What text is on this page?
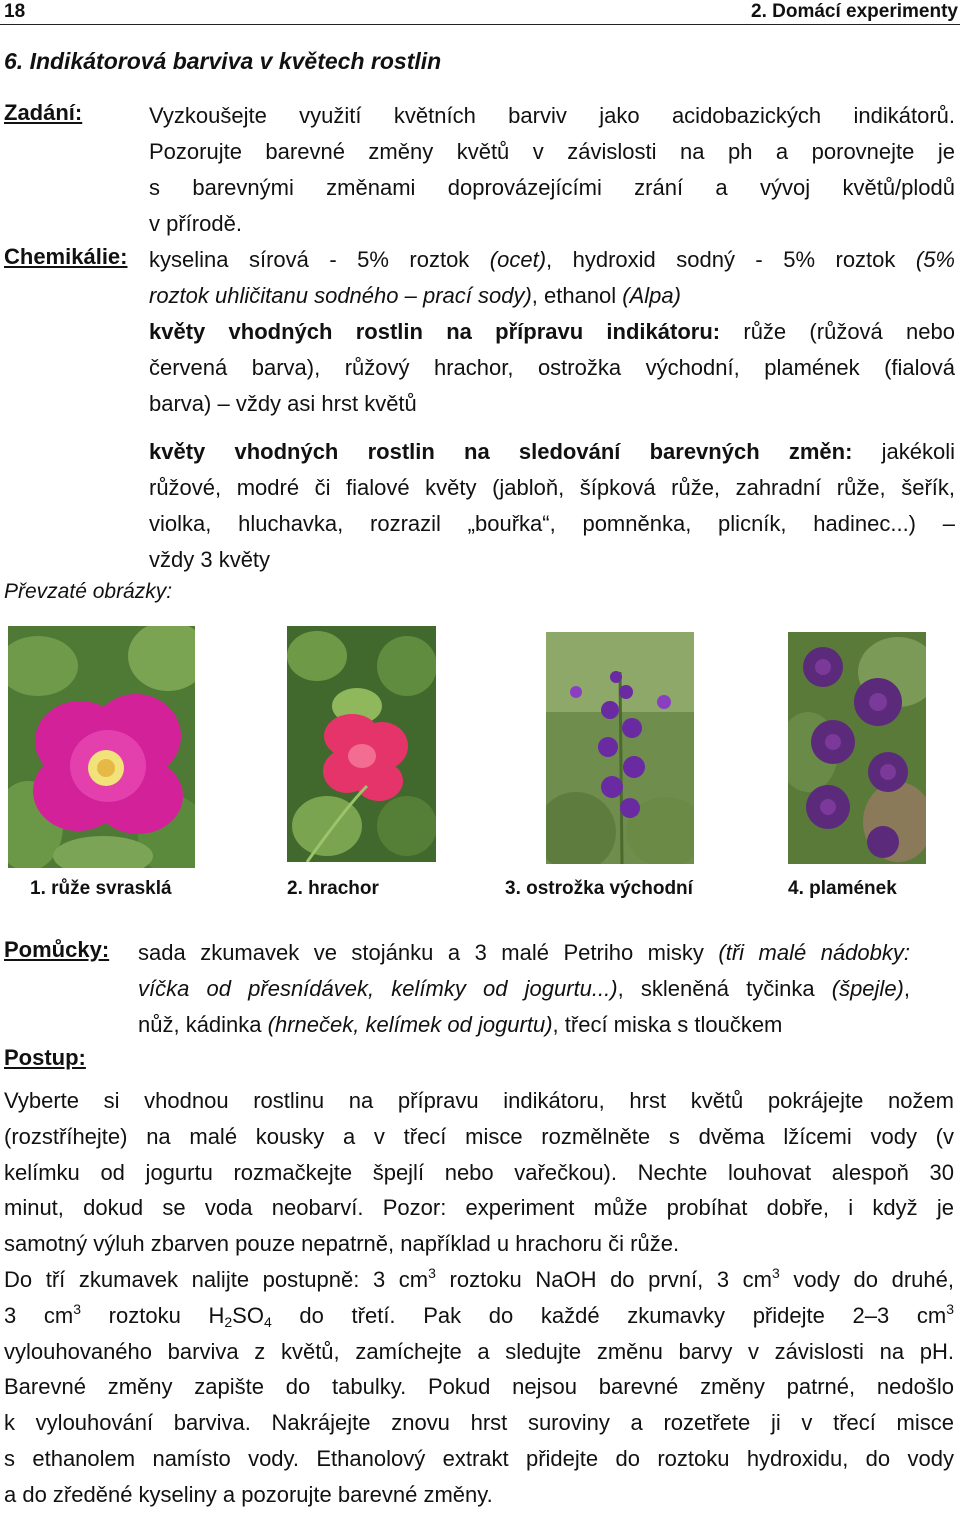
18	2. Domácí experimenty
6. Indikátorová barviva v květech rostlin
Zadání:	Vyzkoušejte využití květních barviv jako acidobazických indikátorů.
Pozorujte barevné změny květů v závislosti na ph a porovnejte je
s barevnými změnami doprovázejícími zrání a vývoj květů/plodů
v přírodě.
Chemikálie: kyselina sírová - 5% roztok (ocet), hydroxid sodný - 5% roztok (5%
roztok uhličitanu sodného – prací sody), ethanol (Alpa)
květy vhodných rostlin na přípravu indikátoru: růže (růžová nebo
červená barva), růžový hrachor, ostrožka východní, plamének (fialová
barva) – vždy asi hrst květů
květy vhodných rostlin na sledování barevných změn: jakékoli
růžové, modré či fialové květy (jabloň, šípková růže, zahradní růže, šeřík,
violka, hluchavka, rozrazil „bouřka“, pomněnka, plicník, hadinec...) –
vždy 3 květy
Převzaté obrázky:
1. růže svrasklá	2. hrachor	3. ostrožka východní	4. plamének
Pomůcky: sada zkumavek ve stojánku a 3 malé Petriho misky (tři malé nádobky:
víčka od přesnídávek, kelímky od jogurtu...), skleněná tyčinka (špejle),
nůž, kádinka (hrneček, kelímek od jogurtu), třecí miska s tloučkem
Postup:
Vyberte si vhodnou rostlinu na přípravu indikátoru, hrst květů pokrájejte nožem
(rozstříhejte) na malé kousky a v třecí misce rozmělněte s dvěma lžícemi vody (v
kelímku od jogurtu rozmačkejte špejlí nebo vařečkou). Nechte louhovat alespoň 30
minut, dokud se voda neobarví. Pozor: experiment může probíhat dobře, i když je
samotný výluh zbarven pouze nepatrně, například u hrachoru či růže.
Do tří zkumavek nalijte postupně: 3 $cm^3$ roztoku NaOH do první, 3 $cm^3$ vody do druhé,
3 $cm^3$ roztoku $H_2SO_4$ do třetí. Pak do každé zkumavky přidejte 2–3 $cm^3$
vylouhovaného barviva z květů, zamíchejte a sledujte změnu barvy v závislosti na pH.
Barevné změny zapište do tabulky. Pokud nejsou barevné změny patrné, nedošlo
k vylouhování barviva. Nakrájejte znovu hrst suroviny a rozetřete ji v třecí misce
s ethanolem namísto vody. Ethanolový extrakt přidejte do roztoku hydroxidu, do vody
a do zředěné kyseliny a pozorujte barevné změny.
